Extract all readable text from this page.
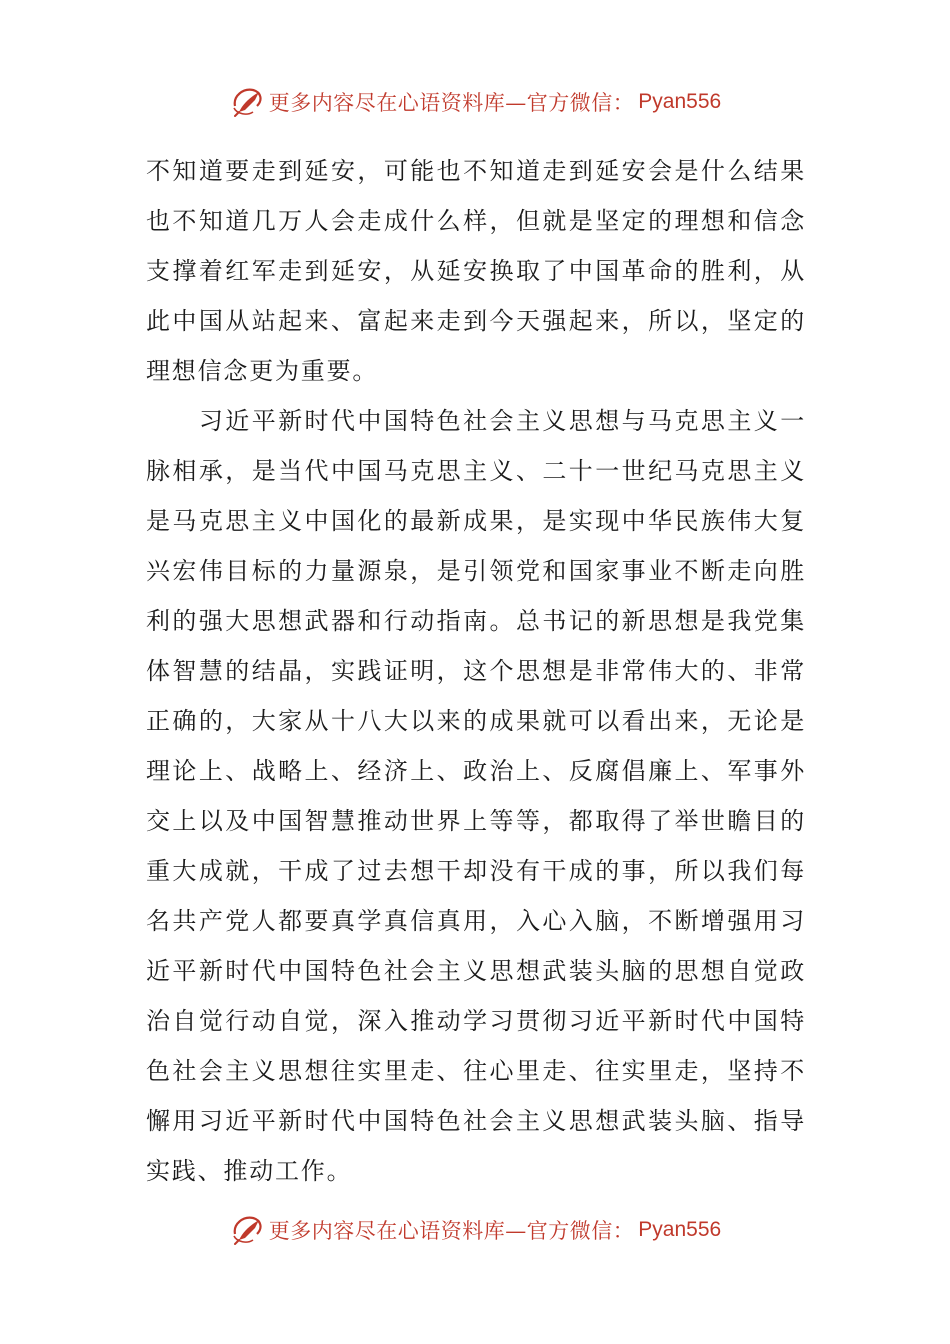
更多内容尽在心语资料库—官方微信： Pyan556
不知道要走到延安，可能也不知道走到延安会是什么结果
也不知道几万人会走成什么样，但就是坚定的理想和信念
支撑着红军走到延安，从延安换取了中国革命的胜利，从
此中国从站起来、富起来走到今天强起来，所以，坚定的
理想信念更为重要。
　　习近平新时代中国特色社会主义思想与马克思主义一
脉相承，是当代中国马克思主义、二十一世纪马克思主义
是马克思主义中国化的最新成果，是实现中华民族伟大复
兴宏伟目标的力量源泉，是引领党和国家事业不断走向胜
利的强大思想武器和行动指南。总书记的新思想是我党集
体智慧的结晶，实践证明，这个思想是非常伟大的、非常
正确的，大家从十八大以来的成果就可以看出来，无论是
理论上、战略上、经济上、政治上、反腐倡廉上、军事外
交上以及中国智慧推动世界上等等，都取得了举世瞻目的
重大成就，干成了过去想干却没有干成的事，所以我们每
名共产党人都要真学真信真用，入心入脑，不断增强用习
近平新时代中国特色社会主义思想武装头脑的思想自觉政
治自觉行动自觉，深入推动学习贯彻习近平新时代中国特
色社会主义思想往实里走、往心里走、往实里走，坚持不
懈用习近平新时代中国特色社会主义思想武装头脑、指导
实践、推动工作。
更多内容尽在心语资料库—官方微信： Pyan556
